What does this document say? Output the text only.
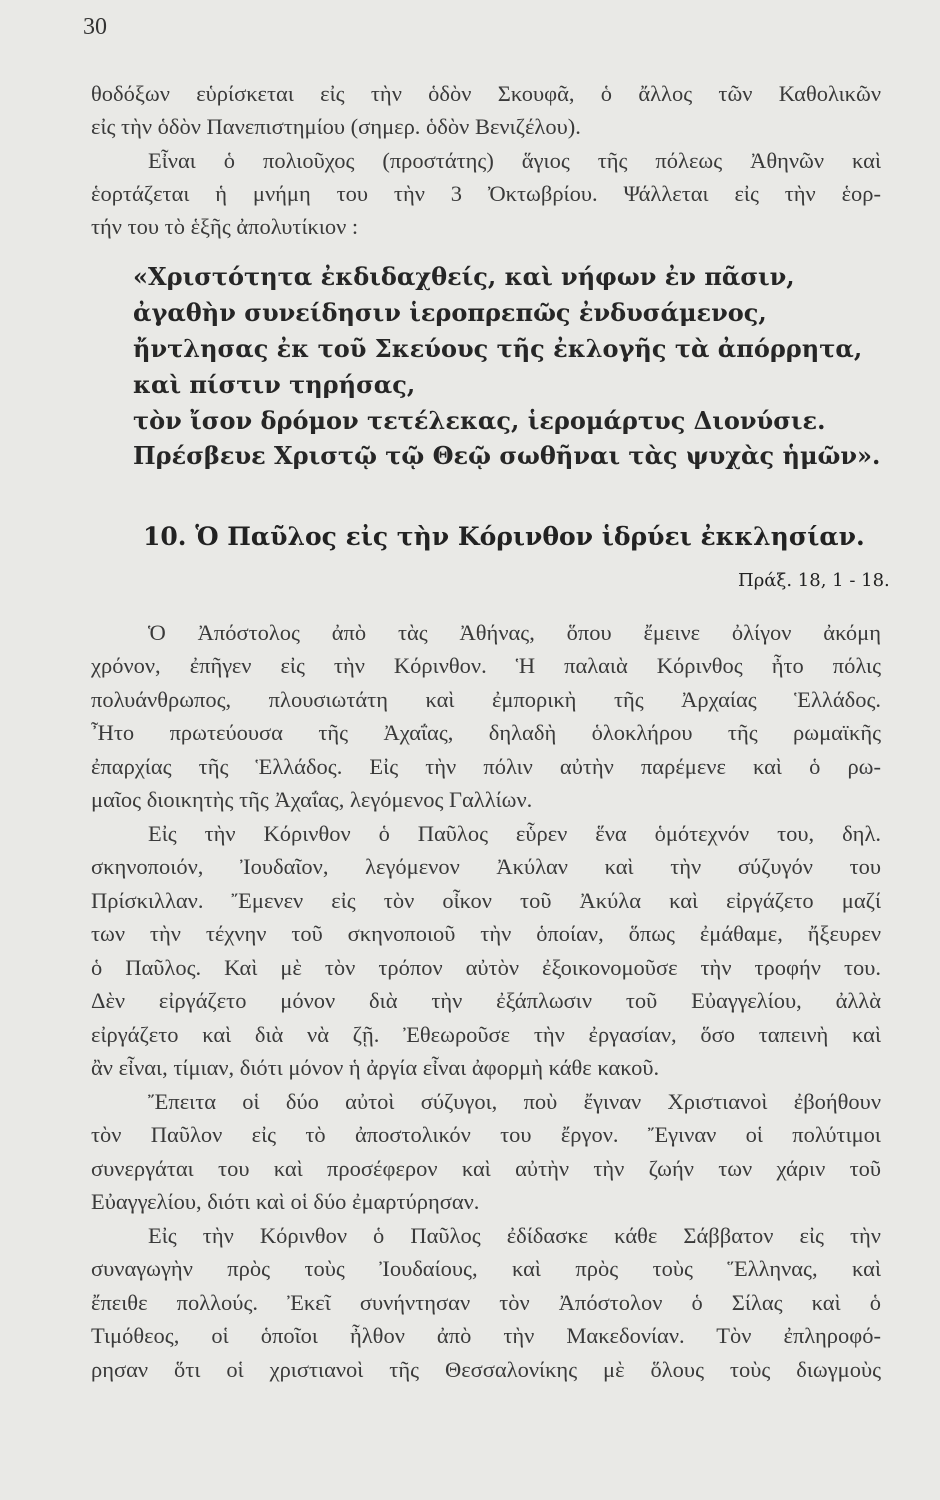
30
θοδόξων εὑρίσκεται εἰς τὴν ὁδὸν Σκουφᾶ, ὁ ἄλλος τῶν Καθολικῶν
εἰς τὴν ὁδὸν Πανεπιστημίου (σημερ. ὁδὸν Βενιζέλου).
Εἶναι ὁ πολιοῦχος (προστάτης) ἅγιος τῆς πόλεως Ἀθηνῶν καὶ
ἑορτάζεται ἡ μνήμη του τὴν 3 Ὀκτωβρίου. Ψάλλεται εἰς τὴν ἑορ-
τήν του τὸ ἑξῆς ἀπολυτίκιον :
«Χριστότητα ἐκδιδαχθείς, καὶ νήφων ἐν πᾶσιν,
ἀγαθὴν συνείδησιν ἱεροπρεπῶς ἐνδυσάμενος,
ἤντλησας ἐκ τοῦ Σκεύους τῆς ἐκλογῆς τὰ ἀπόρρητα,
καὶ πίστιν τηρήσας,
τὸν ἴσον δρόμον τετέλεκας, ἱερομάρτυς Διονύσιε.
Πρέσβευε Χριστῷ τῷ Θεῷ σωθῆναι τὰς ψυχὰς ἡμῶν».
10. Ὁ Παῦλος εἰς τὴν Κόρινθον ἱδρύει ἐκκλησίαν.
Πράξ. 18, 1 - 18.
Ὁ Ἀπόστολος ἀπὸ τὰς Ἀθήνας, ὅπου ἔμεινε ὀλίγον ἀκόμη
χρόνον, ἐπῆγεν εἰς τὴν Κόρινθον. Ἡ παλαιὰ Κόρινθος ἦτο πόλις
πολυάνθρωπος, πλουσιωτάτη καὶ ἐμπορικὴ τῆς Ἀρχαίας Ἑλλάδος.
Ἦτο πρωτεύουσα τῆς Ἀχαΐας, δηλαδὴ ὁλοκλήρου τῆς ρωμαϊκῆς
ἐπαρχίας τῆς Ἑλλάδος. Εἰς τὴν πόλιν αὐτὴν παρέμενε καὶ ὁ ρω-
μαῖος διοικητὴς τῆς Ἀχαΐας, λεγόμενος Γαλλίων.
Εἰς τὴν Κόρινθον ὁ Παῦλος εὗρεν ἕνα ὁμότεχνόν του, δηλ.
σκηνοποιόν, Ἰουδαῖον, λεγόμενον Ἀκύλαν καὶ τὴν σύζυγόν του
Πρίσκιλλαν. Ἔμενεν εἰς τὸν οἶκον τοῦ Ἀκύλα καὶ εἰργάζετο μαζί
των τὴν τέχνην τοῦ σκηνοποιοῦ τὴν ὁποίαν, ὅπως ἐμάθαμε, ἤξευρεν
ὁ Παῦλος. Καὶ μὲ τὸν τρόπον αὐτὸν ἐξοικονομοῦσε τὴν τροφήν του.
Δὲν εἰργάζετο μόνον διὰ τὴν ἐξάπλωσιν τοῦ Εὐαγγελίου, ἀλλὰ
εἰργάζετο καὶ διὰ νὰ ζῇ. Ἐθεωροῦσε τὴν ἐργασίαν, ὅσο ταπεινὴ καὶ
ἂν εἶναι, τίμιαν, διότι μόνον ἡ ἀργία εἶναι ἀφορμὴ κάθε κακοῦ.
Ἔπειτα οἱ δύο αὐτοὶ σύζυγοι, ποὺ ἔγιναν Χριστιανοὶ ἐβοήθουν
τὸν Παῦλον εἰς τὸ ἀποστολικόν του ἔργον. Ἔγιναν οἱ πολύτιμοι
συνεργάται του καὶ προσέφερον καὶ αὐτὴν τὴν ζωήν των χάριν τοῦ
Εὐαγγελίου, διότι καὶ οἱ δύο ἐμαρτύρησαν.
Εἰς τὴν Κόρινθον ὁ Παῦλος ἐδίδασκε κάθε Σάββατον εἰς τὴν
συναγωγὴν πρὸς τοὺς Ἰουδαίους, καὶ πρὸς τοὺς Ἕλληνας, καὶ
ἔπειθε πολλούς. Ἐκεῖ συνήντησαν τὸν Ἀπόστολον ὁ Σίλας καὶ ὁ
Τιμόθεος, οἱ ὁποῖοι ἦλθον ἀπὸ τὴν Μακεδονίαν. Τὸν ἐπληροφό-
ρησαν ὅτι οἱ χριστιανοὶ τῆς Θεσσαλονίκης μὲ ὅλους τοὺς διωγμοὺς
